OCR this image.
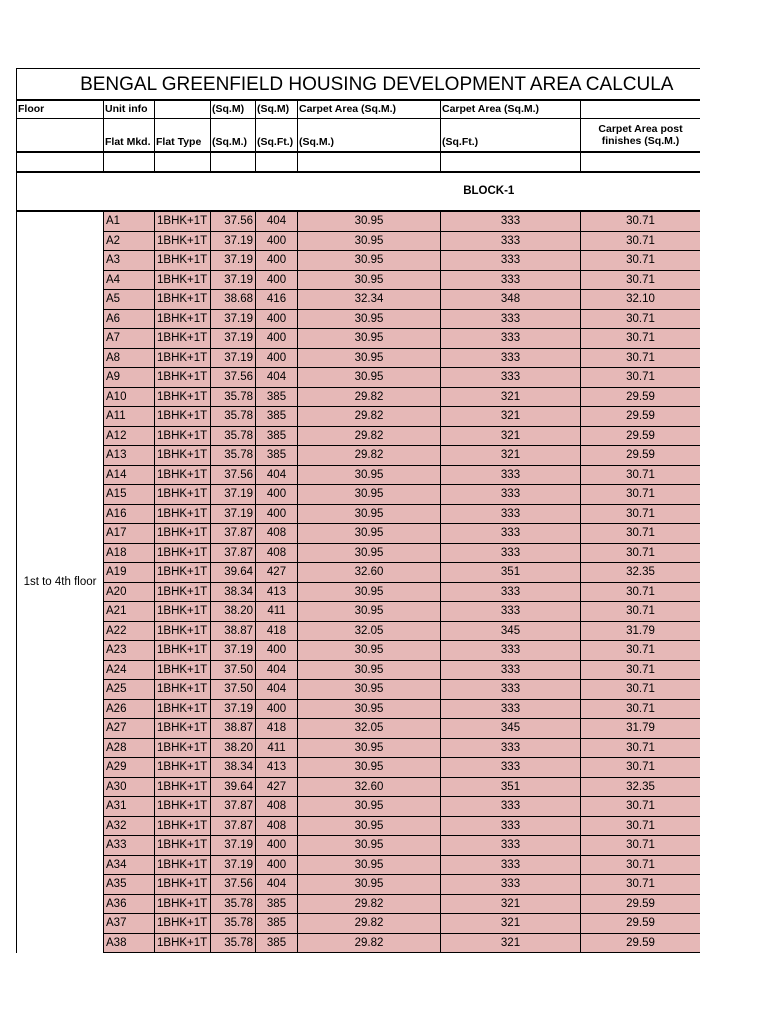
BENGAL GREENFIELD HOUSING DEVELOPMENT AREA CALCULA							
Floor	Unit info		(Sq.M)	(Sq.M)	Carpet Area (Sq.M.)	Carpet Area (Sq.M.)	
	Flat Mkd.	Flat Type	(Sq.M.)	(Sq.Ft.)	(Sq.M.)	(Sq.Ft.)	Carpet Area post finishes (Sq.M.)

BLOCK-1							
1st to 4th floor	A1	1BHK+1T	37.56	404	30.95	333	30.71
	A2	1BHK+1T	37.19	400	30.95	333	30.71
	A3	1BHK+1T	37.19	400	30.95	333	30.71
	A4	1BHK+1T	37.19	400	30.95	333	30.71
	A5	1BHK+1T	38.68	416	32.34	348	32.10
	A6	1BHK+1T	37.19	400	30.95	333	30.71
	A7	1BHK+1T	37.19	400	30.95	333	30.71
	A8	1BHK+1T	37.19	400	30.95	333	30.71
	A9	1BHK+1T	37.56	404	30.95	333	30.71
	A10	1BHK+1T	35.78	385	29.82	321	29.59
	A11	1BHK+1T	35.78	385	29.82	321	29.59
	A12	1BHK+1T	35.78	385	29.82	321	29.59
	A13	1BHK+1T	35.78	385	29.82	321	29.59
	A14	1BHK+1T	37.56	404	30.95	333	30.71
	A15	1BHK+1T	37.19	400	30.95	333	30.71
	A16	1BHK+1T	37.19	400	30.95	333	30.71
	A17	1BHK+1T	37.87	408	30.95	333	30.71
	A18	1BHK+1T	37.87	408	30.95	333	30.71
	A19	1BHK+1T	39.64	427	32.60	351	32.35
	A20	1BHK+1T	38.34	413	30.95	333	30.71
	A21	1BHK+1T	38.20	411	30.95	333	30.71
	A22	1BHK+1T	38.87	418	32.05	345	31.79
	A23	1BHK+1T	37.19	400	30.95	333	30.71
	A24	1BHK+1T	37.50	404	30.95	333	30.71
	A25	1BHK+1T	37.50	404	30.95	333	30.71
	A26	1BHK+1T	37.19	400	30.95	333	30.71
	A27	1BHK+1T	38.87	418	32.05	345	31.79
	A28	1BHK+1T	38.20	411	30.95	333	30.71
	A29	1BHK+1T	38.34	413	30.95	333	30.71
	A30	1BHK+1T	39.64	427	32.60	351	32.35
	A31	1BHK+1T	37.87	408	30.95	333	30.71
	A32	1BHK+1T	37.87	408	30.95	333	30.71
	A33	1BHK+1T	37.19	400	30.95	333	30.71
	A34	1BHK+1T	37.19	400	30.95	333	30.71
	A35	1BHK+1T	37.56	404	30.95	333	30.71
	A36	1BHK+1T	35.78	385	29.82	321	29.59
	A37	1BHK+1T	35.78	385	29.82	321	29.59
	A38	1BHK+1T	35.78	385	29.82	321	29.59
